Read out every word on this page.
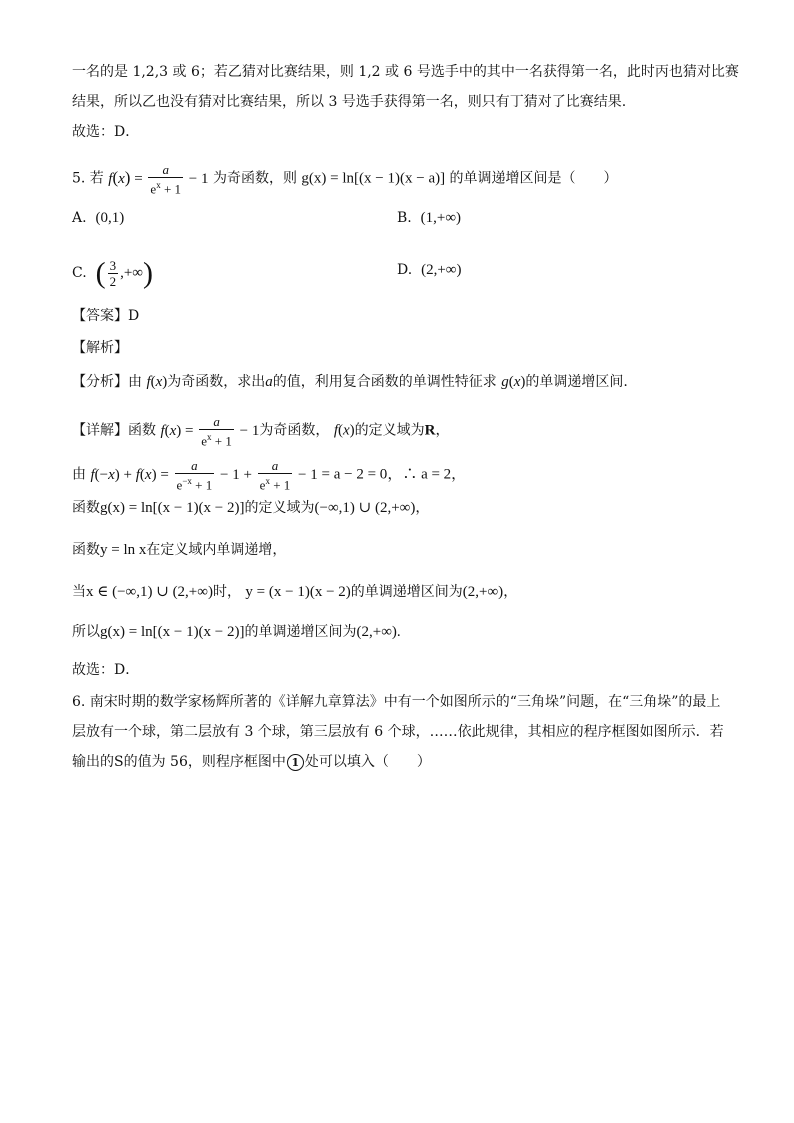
一名的是 1,2,3 或 6；若乙猜对比赛结果，则 1,2 或 6 号选手中的其中一名获得第一名，此时丙也猜对比赛
结果，所以乙也没有猜对比赛结果，所以 3 号选手获得第一名，则只有丁猜对了比赛结果.
故选：D．
5. 若 $f(x) = \frac{a}{e^x + 1} - 1$ 为奇函数，则 g(x) = ln[(x − 1)(x − a)] 的单调递增区间是（　　）
A. (0,1)	B. (1,+∞)
C. ( $\frac{3}{2}$ ,+∞)	D. (2,+∞)
【答案】D
【解析】
【分析】由 f(x)为奇函数，求出a的值，利用复合函数的单调性特征求 g(x)的单调递增区间.
【详解】函数 $f(x) = \frac{a}{e^x + 1} - 1$为奇函数， f(x)的定义域为R，
由 $f(-x) + f(x) = \frac{a}{e^{-x} + 1} - 1 + \frac{a}{e^x + 1} - 1 = a - 2 = 0$，∴ a = 2，
函数g(x) = ln[(x − 1)(x − 2)]的定义域为(−∞,1) ∪ (2,+∞)，
函数y = ln x在定义域内单调递增，
当x ∈ (−∞,1) ∪ (2,+∞)时， y = (x − 1)(x − 2)的单调递增区间为(2,+∞)，
所以g(x) = ln[(x − 1)(x − 2)]的单调递增区间为(2,+∞).
故选：D．
6. 南宋时期的数学家杨辉所著的《详解九章算法》中有一个如图所示的“三角垛”问题，在“三角垛”的最上
层放有一个球，第二层放有 3 个球，第三层放有 6 个球，……依此规律，其相应的程序框图如图所示．若
输出的S的值为 56，则程序框图中 1 处可以填入（　　）
